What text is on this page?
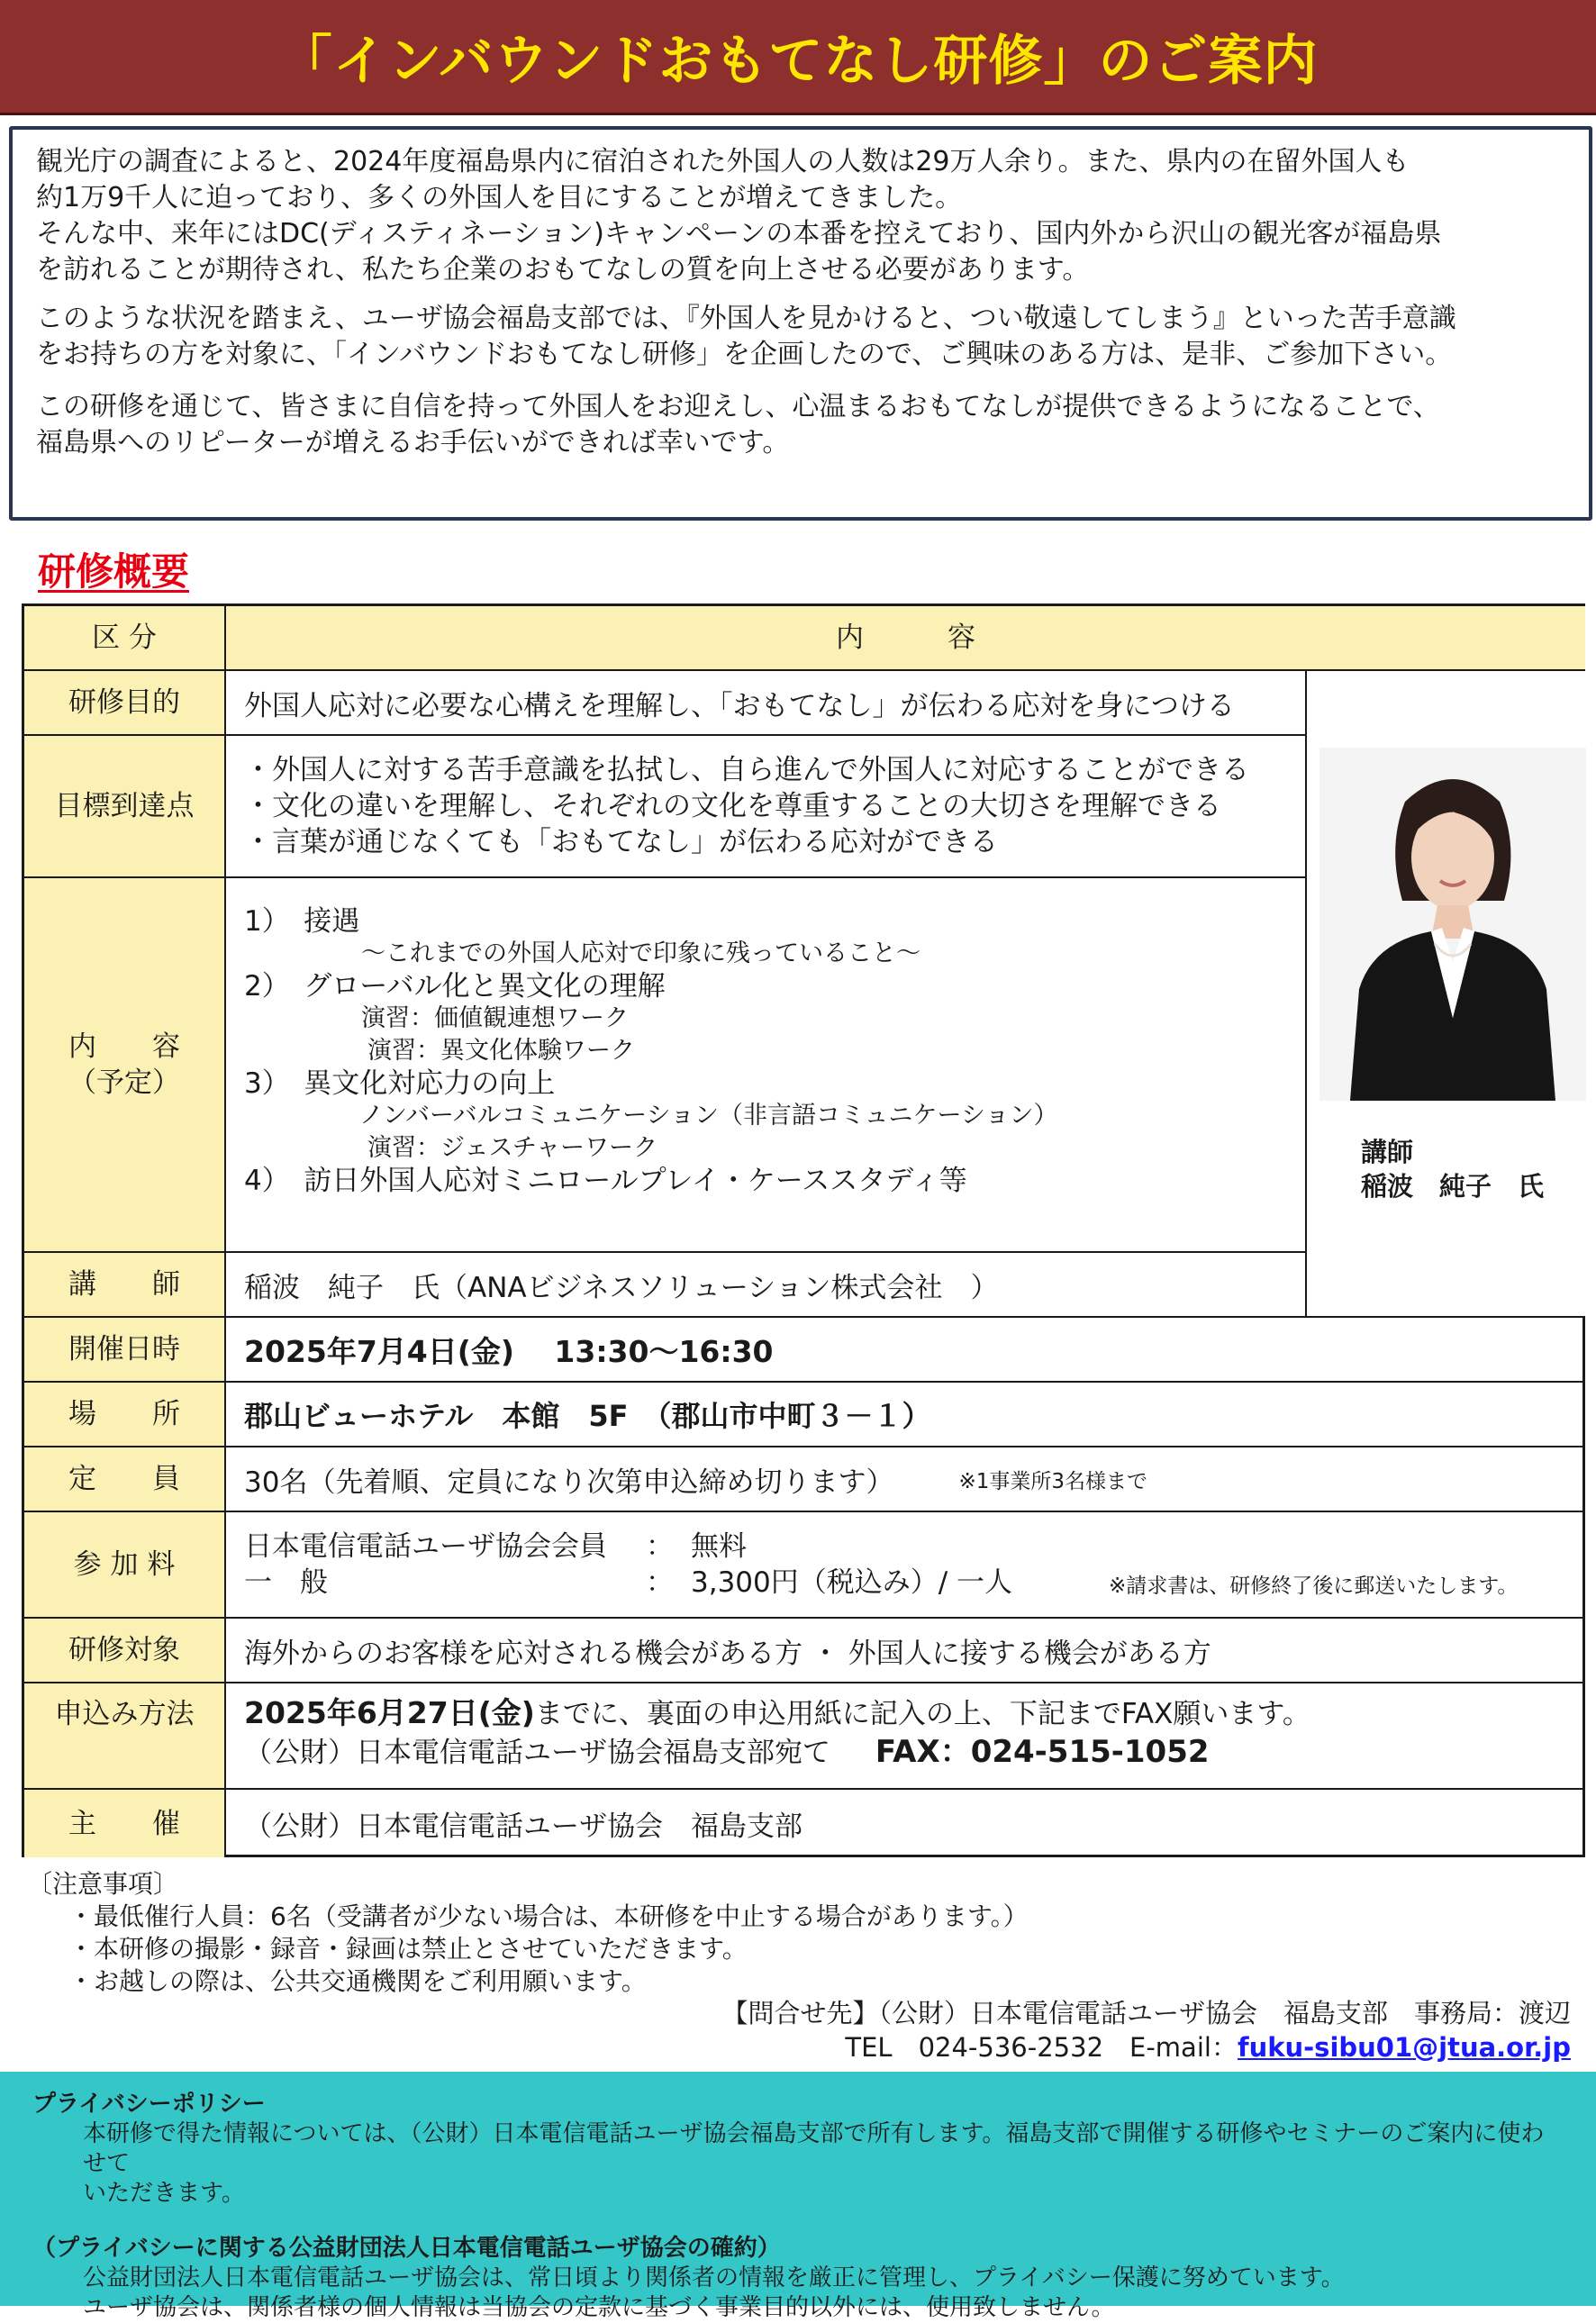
「インバウンドおもてなし研修」のご案内

観光庁の調査によると、2024年度福島県内に宿泊された外国人の人数は29万人余り。また、県内の在留外国人も
約1万9千人に迫っており、多くの外国人を目にすることが増えてきました。
そんな中、来年にはDC(ディスティネーション)キャンペーンの本番を控えており、国内外から沢山の観光客が福島県
を訪れることが期待され、私たち企業のおもてなしの質を向上させる必要があります。

このような状況を踏まえ、ユーザ協会福島支部では、『外国人を見かけると、つい敬遠してしまう』といった苦手意識
をお持ちの方を対象に、「インバウンドおもてなし研修」を企画したので、ご興味のある方は、是非、ご参加下さい。

この研修を通じて、皆さまに自信を持って外国人をお迎えし、心温まるおもてなしが提供できるようになることで、
福島県へのリピーターが増えるお手伝いができれば幸いです。

研修概要
区 分	内　　　容
研修目的 外国人応対に必要な心構えを理解し、「おもてなし」が伝わる応対を身につける
目標到達点
・外国人に対する苦手意識を払拭し、自ら進んで外国人に対応することができる
・文化の違いを理解し、それぞれの文化を尊重することの大切さを理解できる
・言葉が通じなくても「おもてなし」が伝わる応対ができる
内　　容
（予定）
1）　接遇
～これまでの外国人応対で印象に残っていること～
2）　グローバル化と異文化の理解
演習：価値観連想ワーク
演習：異文化体験ワーク
3）　異文化対応力の向上
ノンバーバルコミュニケーション（非言語コミュニケーション）
演習：ジェスチャーワーク
4）　訪日外国人応対ミニロールプレイ・ケーススタディ等
講　　師 稲波　純子　氏（ANAビジネスソリューション株式会社　）
講師
稲波　純子　氏
開催日時 2025年7月4日(金)　 13:30～16:30
場　　所 郡山ビューホテル　本館　5F　（郡山市中町３－１）
定　　員 30名（先着順、定員になり次第申込締め切ります）	※1事業所3名様まで
参 加 料
日本電信電話ユーザ協会会員 ： 無料
一　般	： 3,300円（税込み）/ 一人	※請求書は、研修終了後に郵送いたします。
研修対象 海外からのお客様を応対される機会がある方 ・ 外国人に接する機会がある方
申込み方法 2025年6月27日(金)までに、裏面の申込用紙に記入の上、下記までFAX願います。
（公財）日本電信電話ユーザ協会福島支部宛て FAX：024-515-1052
主　　催 （公財）日本電信電話ユーザ協会　福島支部
〔注意事項〕
・最低催行人員：6名（受講者が少ない場合は、本研修を中止する場合があります。）
・本研修の撮影・録音・録画は禁止とさせていただきます。
・お越しの際は、公共交通機関をご利用願います。
【問合せ先】（公財）日本電信電話ユーザ協会　福島支部　事務局：渡辺
TEL　024-536-2532　E-mail：fuku-sibu01@jtua.or.jp
プライバシーポリシー
本研修で得た情報については、（公財）日本電信電話ユーザ協会福島支部で所有します。福島支部で開催する研修やセミナーのご案内に使わせて
いただきます。
（プライバシーに関する公益財団法人日本電信電話ユーザ協会の確約）
公益財団法人日本電信電話ユーザ協会は、常日頃より関係者の情報を厳正に管理し、プライバシー保護に努めています。
ユーザ協会は、関係者様の個人情報は当協会の定款に基づく事業目的以外には、使用致しません。
